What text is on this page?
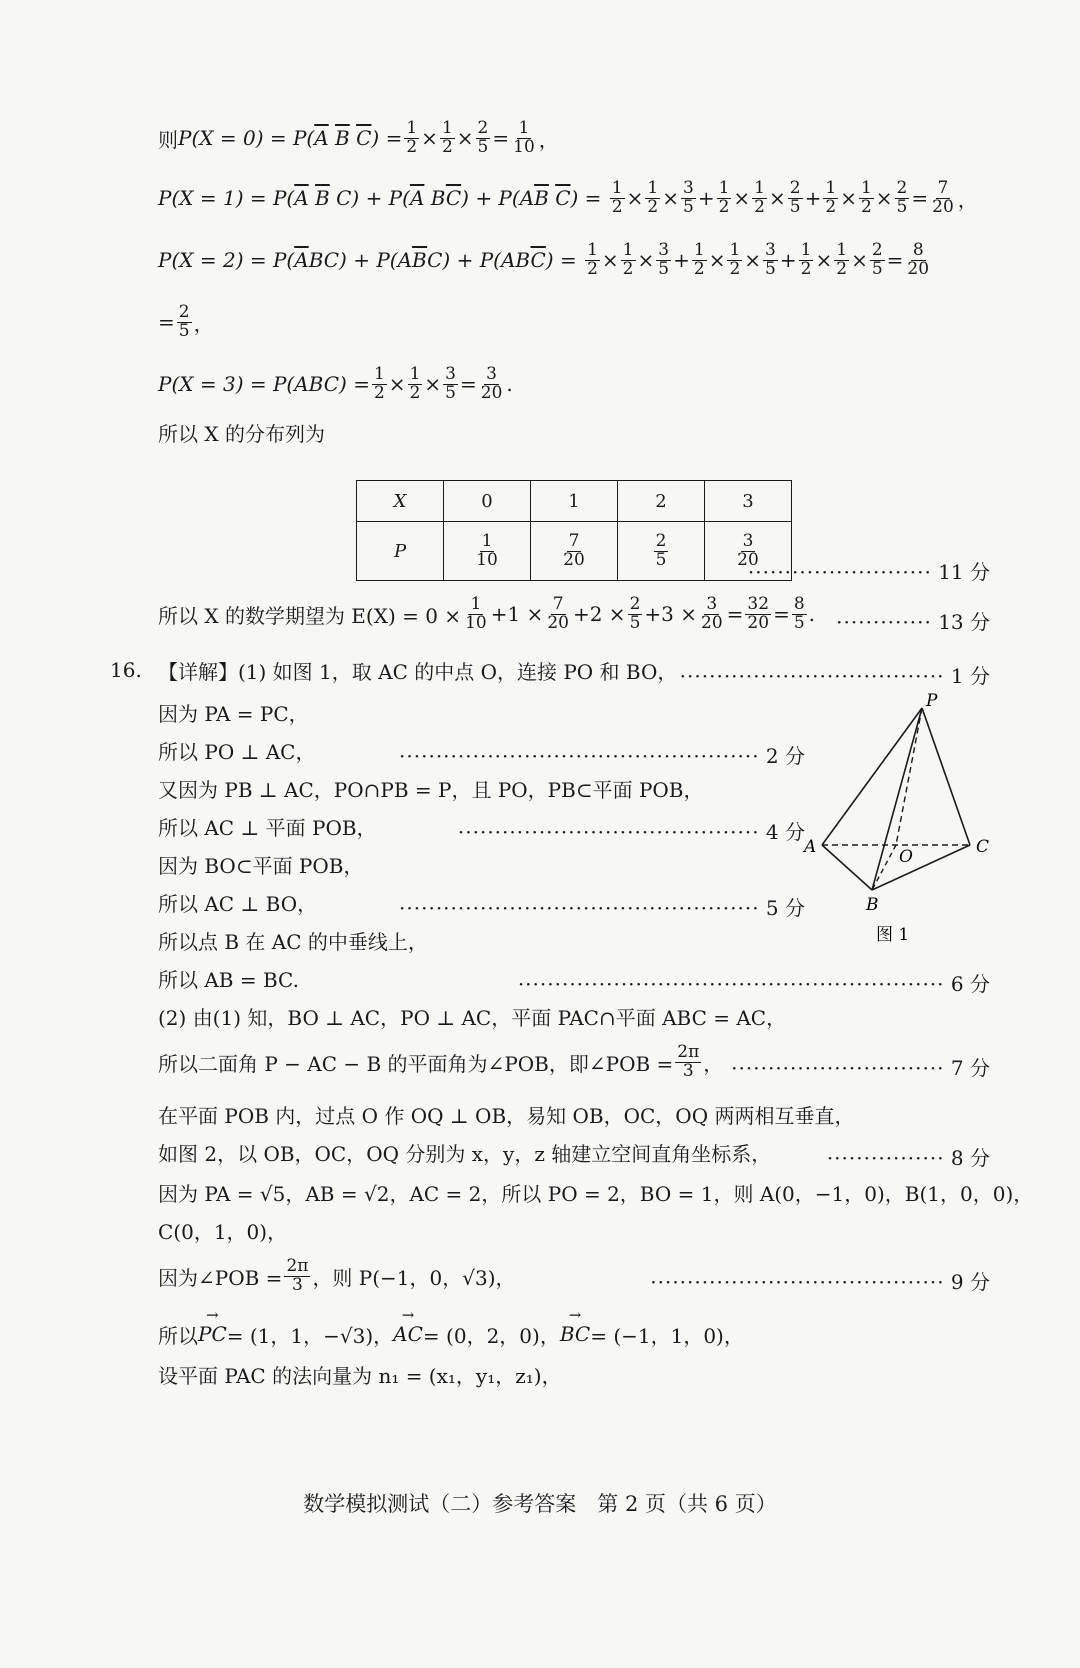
则 P(X = 0) = P( $\overline{A}$ $\overline{B}$ $\overline{C}$ ) = $\frac{1}{2} \times \frac{1}{2} \times \frac{2}{5} = \frac{1}{10}$ ，
P(X = 1) = P( $\overline{A}$ $\overline{B}$ $C) + P(\overline{A}$ $B\overline{C}) + P(A\overline{B}$ $\overline{C}) = \frac{1}{2} \times \frac{1}{2} \times \frac{3}{5} + \frac{1}{2} \times \frac{1}{2} \times \frac{2}{5} + \frac{1}{2} \times \frac{1}{2} \times \frac{2}{5} = \frac{7}{20}$ ，
P(X = 2) = P( $\overline{A}BC) + P(A\overline{B}C) + P(AB\overline{C}) = \frac{1}{2} \times \frac{1}{2} \times \frac{3}{5} + \frac{1}{2} \times \frac{1}{2} \times \frac{3}{5} + \frac{1}{2} \times \frac{1}{2} \times \frac{2}{5} = \frac{8}{20}$
= $\frac{2}{5}$ ，
$P(X = 3) = P(ABC) = \frac{1}{2} \times \frac{1}{2} \times \frac{3}{5} = \frac{3}{20}$ .
所以 X 的分布列为
X	0	1	2	3
P	$\frac{1}{10}$	$\frac{7}{20}$	$\frac{2}{5}$	$\frac{3}{20}$
························· 11 分
所以 X 的数学期望为 $E(X) = 0 \times \frac{1}{10} +1 \times \frac{7}{20} +2 \times \frac{2}{5} +3 \times \frac{3}{20} = \frac{32}{20} = \frac{8}{5}$ . ············· 13 分
16. 【详解】(1) 如图 1，取 AC 的中点 O，连接 PO 和 BO， ···································· 1 分
因为 PA = PC，
所以 PO ⊥ AC，	················································· 2 分
又因为 PB ⊥ AC，PO∩PB = P，且 PO，PB⊂平面 POB，
所以 AC ⊥ 平面 POB，	········································· 4 分
因为 BO⊂平面 POB，
所以 AC ⊥ BO，	················································· 5 分
所以点 B 在 AC 的中垂线上，
所以 AB = BC.	·························································· 6 分
P
A	C
B
O
图 1
(2) 由(1) 知，BO ⊥ AC，PO ⊥ AC，平面 PAC∩平面 ABC = AC，
所以二面角 P − AC − B 的平面角为∠POB，即∠POB = $\frac{2\pi}{3}$ ， ····························· 7 分
在平面 POB 内，过点 O 作 OQ ⊥ OB，易知 OB，OC，OQ 两两相互垂直，
如图 2，以 OB，OC，OQ 分别为 x，y，z 轴建立空间直角坐标系，	················ 8 分
因为 PA = √5，AB = √2，AC = 2，所以 PO = 2，BO = 1，则 A(0，−1，0)，B(1，0，0)，
C(0，1，0)，
因为∠POB = $\frac{2\pi}{3}$ ，则 P(−1，0，√3)，	········································ 9 分
所以 → PC = (1，1，−√3)， → AC = (0，2，0)， → BC = (−1，1，0)，
设平面 PAC 的法向量为 n₁ = (x₁，y₁，z₁)，
数学模拟测试（二）参考答案　第 2 页（共 6 页）
